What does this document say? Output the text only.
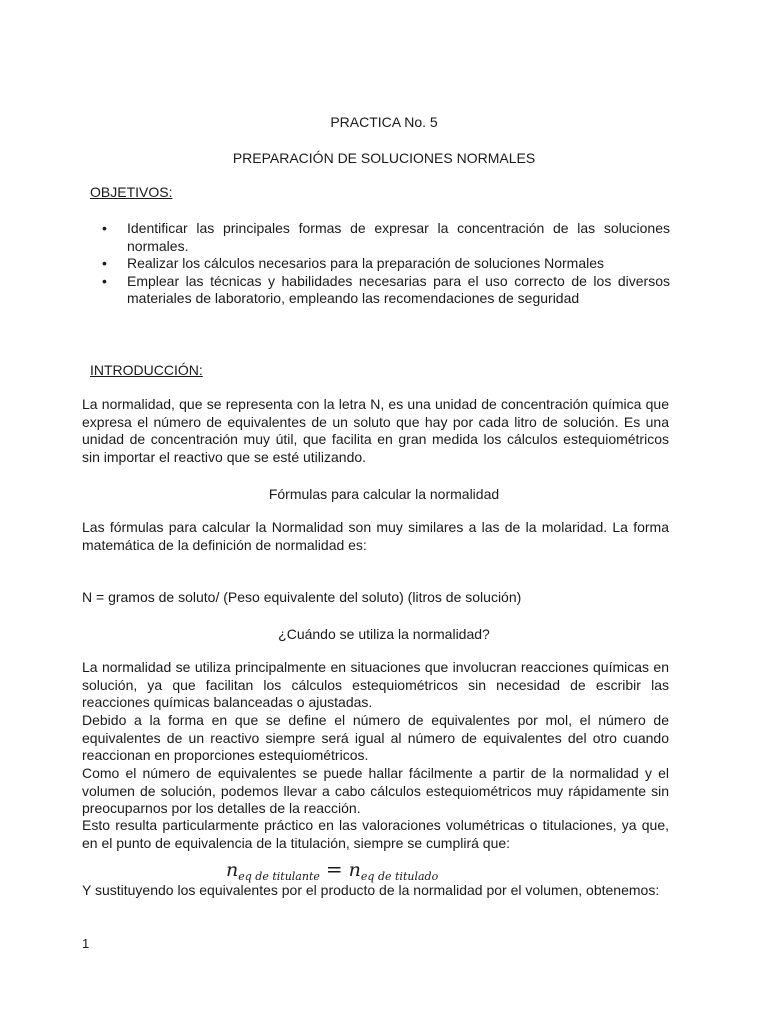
PRACTICA No. 5
PREPARACIÓN DE SOLUCIONES NORMALES
OBJETIVOS:
• Identificar las principales formas de expresar la concentración de las soluciones normales.
• Realizar los cálculos necesarios para la preparación de soluciones Normales
• Emplear las técnicas y habilidades necesarias para el uso correcto de los diversos materiales de laboratorio, empleando las recomendaciones de seguridad
INTRODUCCIÓN:

La normalidad, que se representa con la letra N, es una unidad de concentración química que expresa el número de equivalentes de un soluto que hay por cada litro de solución. Es una unidad de concentración muy útil, que facilita en gran medida los cálculos estequiométricos sin importar el reactivo que se esté utilizando.

Fórmulas para calcular la normalidad

Las fórmulas para calcular la Normalidad son muy similares a las de la molaridad. La forma matemática de la definición de normalidad es:

N = gramos de soluto/ (Peso equivalente del soluto) (litros de solución)
¿Cuándo se utiliza la normalidad?

La normalidad se utiliza principalmente en situaciones que involucran reacciones químicas en solución, ya que facilitan los cálculos estequiométricos sin necesidad de escribir las reacciones químicas balanceadas o ajustadas.

Debido a la forma en que se define el número de equivalentes por mol, el número de equivalentes de un reactivo siempre será igual al número de equivalentes del otro cuando reaccionan en proporciones estequiométricos.

Como el número de equivalentes se puede hallar fácilmente a partir de la normalidad y el volumen de solución, podemos llevar a cabo cálculos estequiométricos muy rápidamente sin preocuparnos por los detalles de la reacción.

Esto resulta particularmente práctico en las valoraciones volumétricas o titulaciones, ya que, en el punto de equivalencia de la titulación, siempre se cumplirá que:

$n_{eq de titulante} = n_{eq de titulado}$

Y sustituyendo los equivalentes por el producto de la normalidad por el volumen, obtenemos:

1
